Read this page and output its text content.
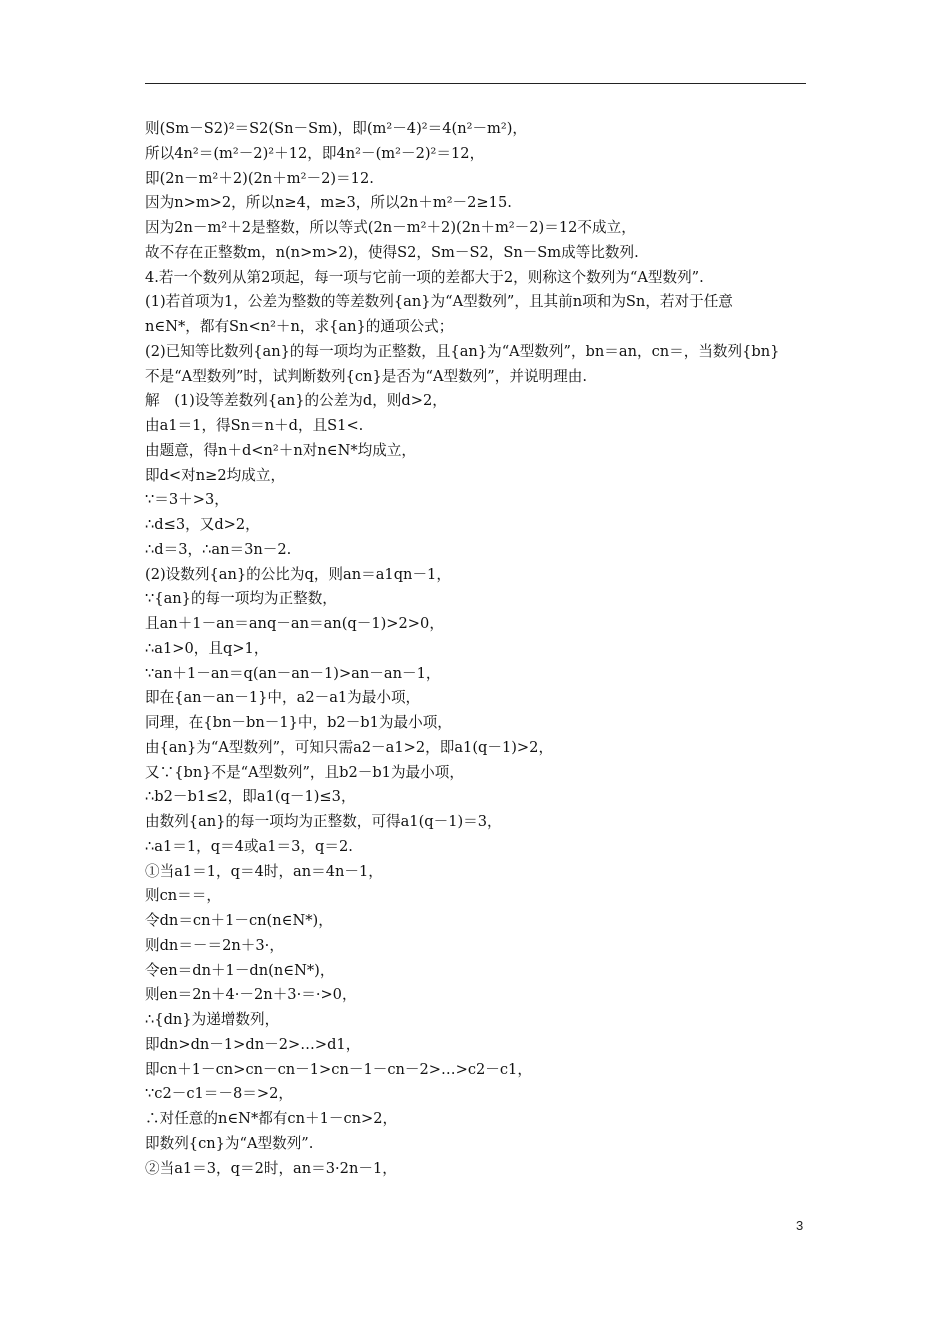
则(Sm－S2)²＝S2(Sn－Sm)，即(m²－4)²＝4(n²－m²)，
所以4n²＝(m²－2)²＋12，即4n²－(m²－2)²＝12，
即(2n－m²＋2)(2n＋m²－2)＝12.
因为n>m>2，所以n≥4，m≥3，所以2n＋m²－2≥15.
因为2n－m²＋2是整数，所以等式(2n－m²＋2)(2n＋m²－2)＝12不成立，
故不存在正整数m，n(n>m>2)，使得S2，Sm－S2，Sn－Sm成等比数列.
4.若一个数列从第2项起，每一项与它前一项的差都大于2，则称这个数列为“A型数列”.
(1)若首项为1，公差为整数的等差数列{an}为“A型数列”，且其前n项和为Sn，若对于任意
n∈N*，都有Sn<n²＋n，求{an}的通项公式；
(2)已知等比数列{an}的每一项均为正整数，且{an}为“A型数列”，bn＝an，cn＝，当数列{bn}
不是“A型数列”时，试判断数列{cn}是否为“A型数列”，并说明理由.
解　(1)设等差数列{an}的公差为d，则d>2，
由a1＝1，得Sn＝n＋d，且S1<.
由题意，得n＋d<n²＋n对n∈N*均成立，
即d<对n≥2均成立，
∵＝3＋>3，
∴d≤3，又d>2，
∴d＝3，∴an＝3n－2.
(2)设数列{an}的公比为q，则an＝a1qn－1，
∵{an}的每一项均为正整数，
且an＋1－an＝anq－an＝an(q－1)>2>0，
∴a1>0，且q>1，
∵an＋1－an＝q(an－an－1)>an－an－1，
即在{an－an－1}中，a2－a1为最小项，
同理，在{bn－bn－1}中，b2－b1为最小项，
由{an}为“A型数列”，可知只需a2－a1>2，即a1(q－1)>2，
又∵{bn}不是“A型数列”，且b2－b1为最小项，
∴b2－b1≤2，即a1(q－1)≤3，
由数列{an}的每一项均为正整数，可得a1(q－1)＝3，
∴a1＝1，q＝4或a1＝3，q＝2.
①当a1＝1，q＝4时，an＝4n－1，
则cn＝＝，
令dn＝cn＋1－cn(n∈N*)，
则dn＝－＝2n＋3·，
令en＝dn＋1－dn(n∈N*)，
则en＝2n＋4·－2n＋3·＝·>0，
∴{dn}为递增数列，
即dn>dn－1>dn－2>…>d1，
即cn＋1－cn>cn－cn－1>cn－1－cn－2>…>c2－c1，
∵c2－c1＝－8＝>2，
∴对任意的n∈N*都有cn＋1－cn>2，
即数列{cn}为“A型数列”.
②当a1＝3，q＝2时，an＝3·2n－1，
3
